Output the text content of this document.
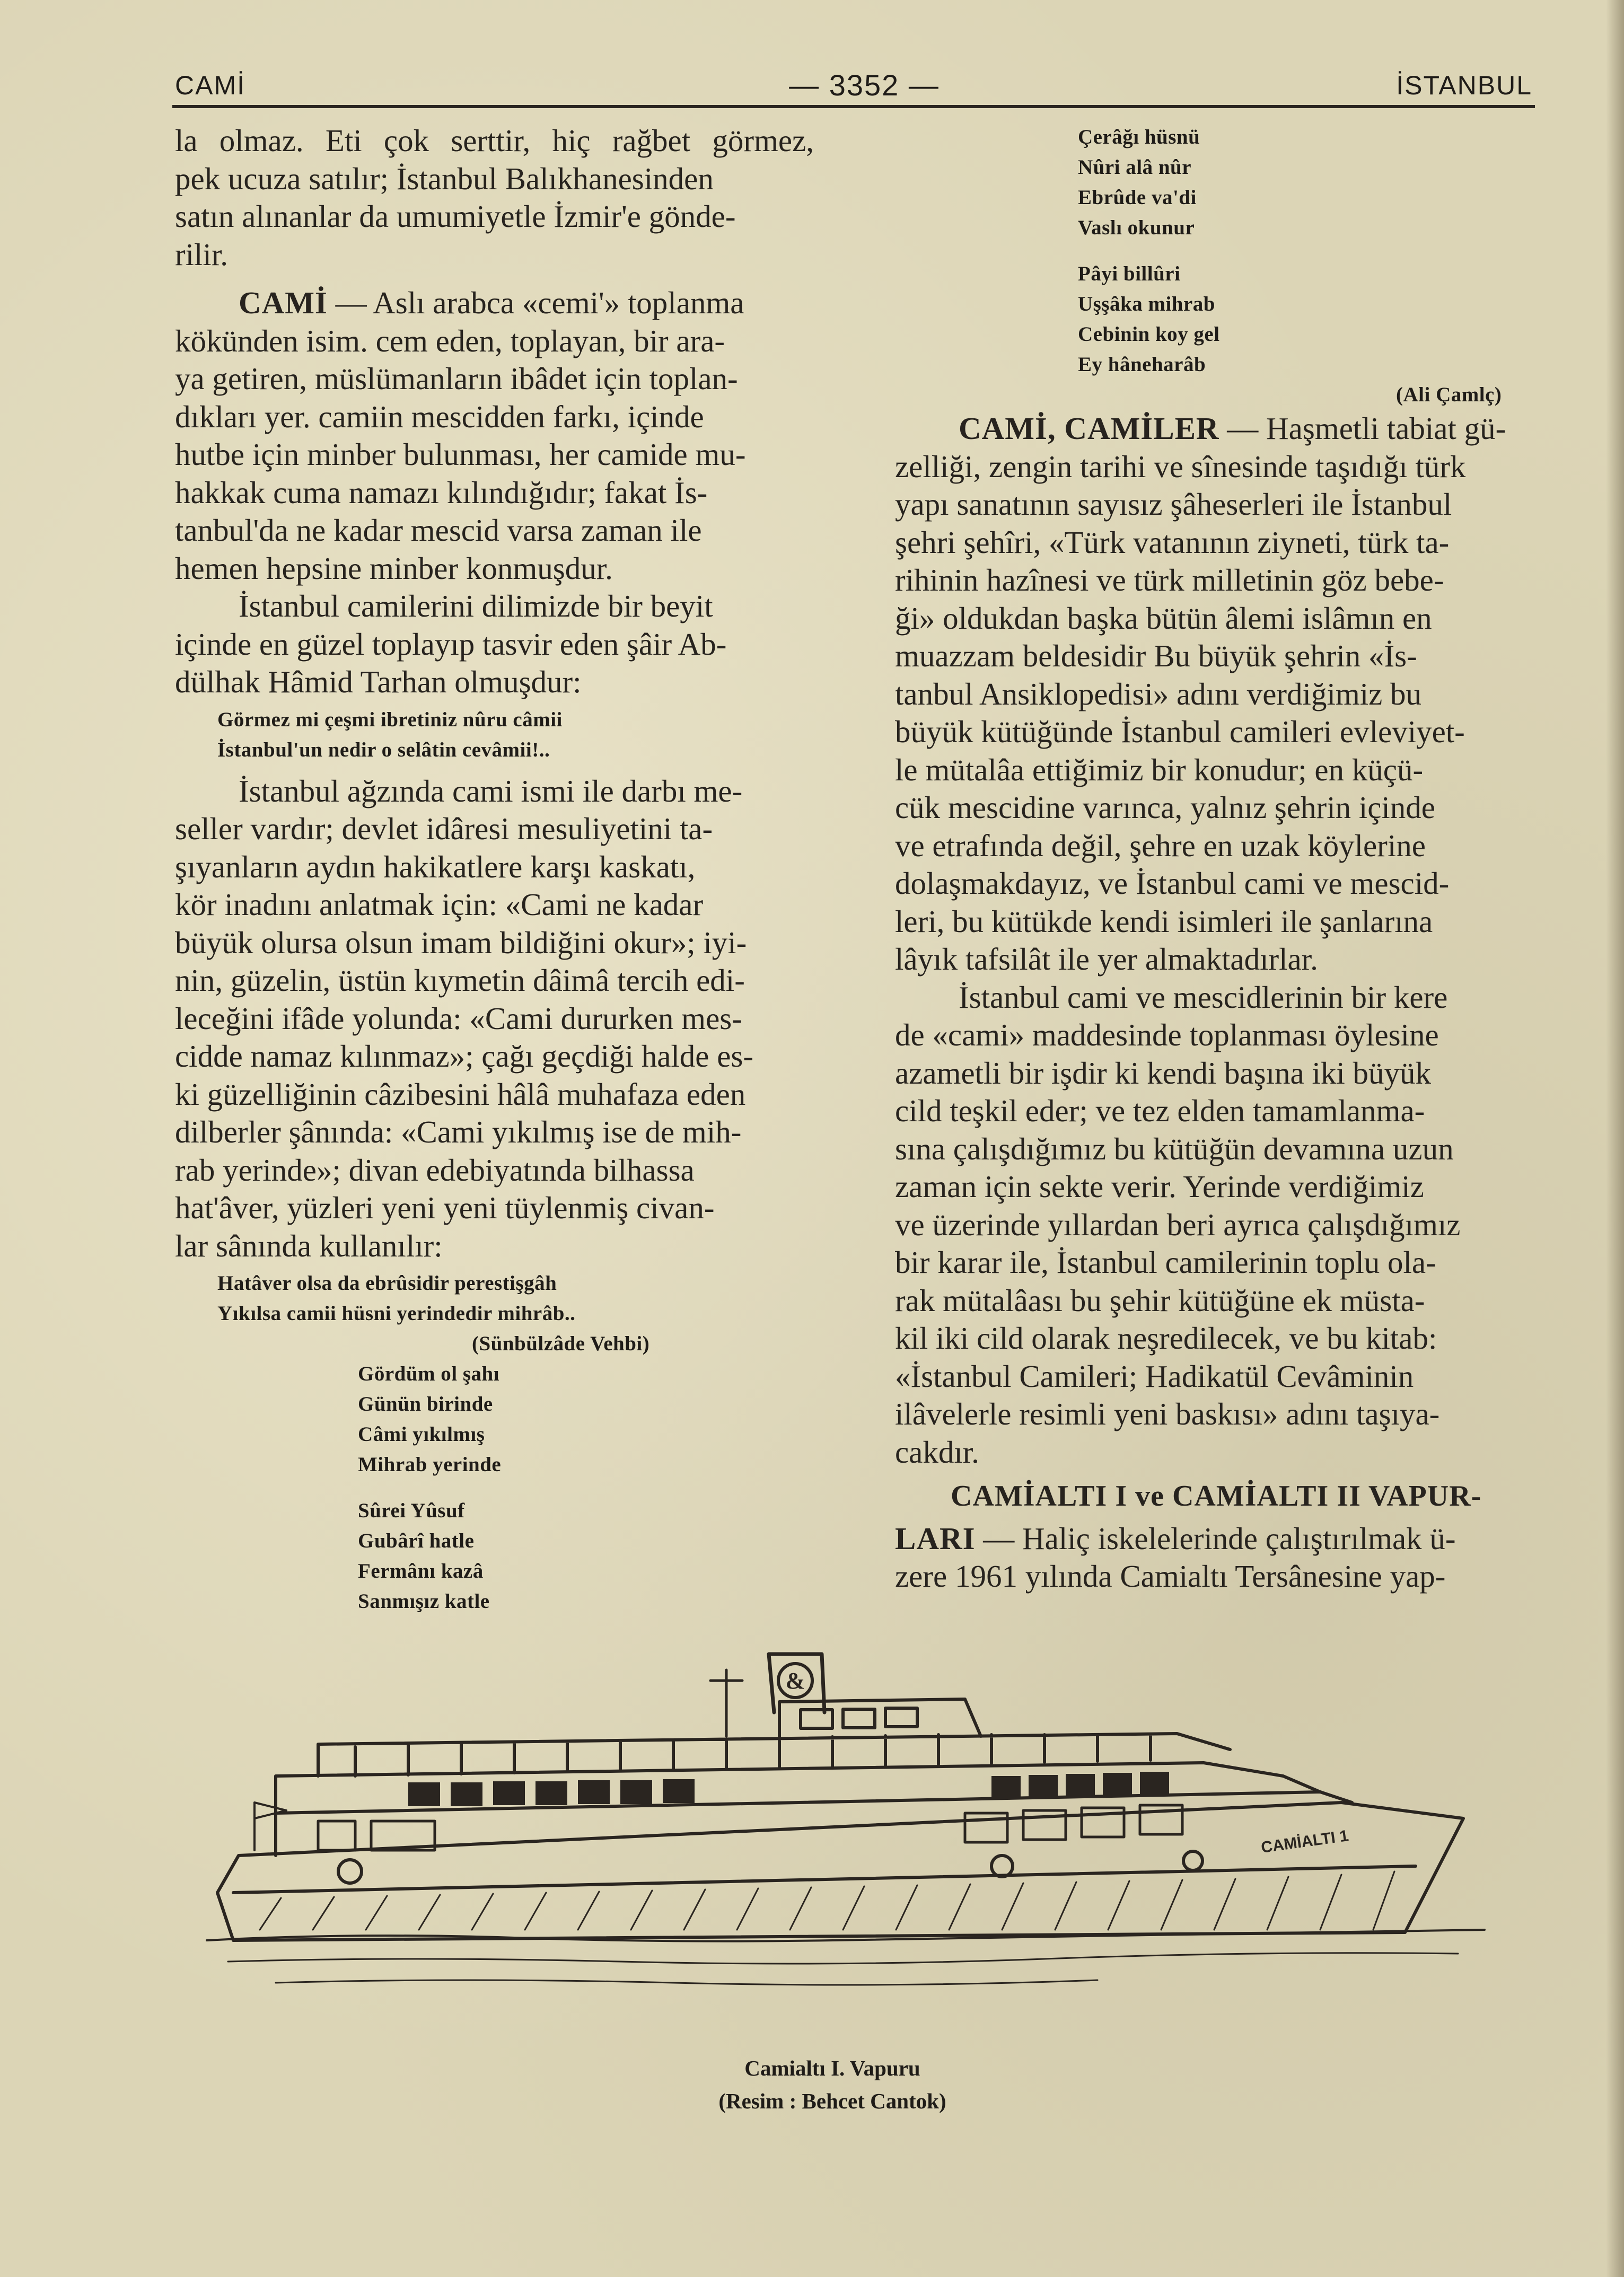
CAMİ	— 3352 —	İSTANBUL

la olmaz. Eti çok serttir, hiç rağbet görmez,
pek ucuza satılır; İstanbul Balıkhanesinden
satın alınanlar da umumiyetle İzmir'e gönde-
rilir.

CAMİ — Aslı arabca «cemi'» toplanma
kökünden isim. cem eden, toplayan, bir ara-
ya getiren, müslümanların ibâdet için toplan-
dıkları yer. camiin mescidden farkı, içinde
hutbe için minber bulunması, her camide mu-
hakkak cuma namazı kılındığıdır; fakat İs-
tanbul'da ne kadar mescid varsa zaman ile
hemen hepsine minber konmuşdur.

İstanbul camilerini dilimizde bir beyit
içinde en güzel toplayıp tasvir eden şâir Ab-
dülhak Hâmid Tarhan olmuşdur:

Görmez mi çeşmi ibretiniz nûru câmii
İstanbul'un nedir o selâtin cevâmii!..

İstanbul ağzında cami ismi ile darbı me-
seller vardır; devlet idâresi mesuliyetini ta-
şıyanların aydın hakikatlere karşı kaskatı,
kör inadını anlatmak için: «Cami ne kadar
büyük olursa olsun imam bildiğini okur»; iyi-
nin, güzelin, üstün kıymetin dâimâ tercih edi-
leceğini ifâde yolunda: «Cami dururken mes-
cidde namaz kılınmaz»; çağı geçdiği halde es-
ki güzelliğinin câzibesini hâlâ muhafaza eden
dilberler şânında: «Cami yıkılmış ise de mih-
rab yerinde»; divan edebiyatında bilhassa
hat'âver, yüzleri yeni yeni tüylenmiş civan-
lar sânında kullanılır:

Hatâver olsa da ebrûsidir perestişgâh
Yıkılsa camii hüsni yerindedir mihrâb..
(Sünbülzâde Vehbi)
Gördüm ol şahı
Günün birinde
Câmi yıkılmış
Mihrab yerinde
Sûrei Yûsuf
Gubârî hatle
Fermânı kazâ
Sanmışız katle
Çerâğı hüsnü
Nûri alâ nûr
Ebrûde va'di
Vaslı okunur
Pâyi billûri
Uşşâka mihrab
Cebinin koy gel
Ey hâneharâb
(Ali Çamlç)

CAMİ, CAMİLER — Haşmetli tabiat gü-
zelliği, zengin tarihi ve sînesinde taşıdığı türk
yapı sanatının sayısız şâheserleri ile İstanbul
şehri şehîri, «Türk vatanının ziyneti, türk ta-
rihinin hazînesi ve türk milletinin göz bebe-
ği» oldukdan başka bütün âlemi islâmın en
muazzam beldesidir Bu büyük şehrin «İs-
tanbul Ansiklopedisi» adını verdiğimiz bu
büyük kütüğünde İstanbul camileri evleviyet-
le mütalâa ettiğimiz bir konudur; en küçü-
cük mescidine varınca, yalnız şehrin içinde
ve etrafında değil, şehre en uzak köylerine
dolaşmakdayız, ve İstanbul cami ve mescid-
leri, bu kütükde kendi isimleri ile şanlarına
lâyık tafsilât ile yer almaktadırlar.

İstanbul cami ve mescidlerinin bir kere
de «cami» maddesinde toplanması öylesine
azametli bir işdir ki kendi başına iki büyük
cild teşkil eder; ve tez elden tamamlanma-
sına çalışdığımız bu kütüğün devamına uzun
zaman için sekte verir. Yerinde verdiğimiz
ve üzerinde yıllardan beri ayrıca çalışdığımız
bir karar ile, İstanbul camilerinin toplu ola-
rak mütalâası bu şehir kütüğüne ek müsta-
kil iki cild olarak neşredilecek, ve bu kitab:
«İstanbul Camileri; Hadikatül Cevâminin
ilâvelerle resimli yeni baskısı» adını taşıya-
cakdır.

CAMİALTI I ve CAMİALTI II VAPUR-
LARI — Haliç iskelelerinde çalıştırılmak ü-
zere 1961 yılında Camialtı Tersânesine yap-

&
CAMİALTI 1
Camialtı I. Vapuru
(Resim : Behcet Cantok)
